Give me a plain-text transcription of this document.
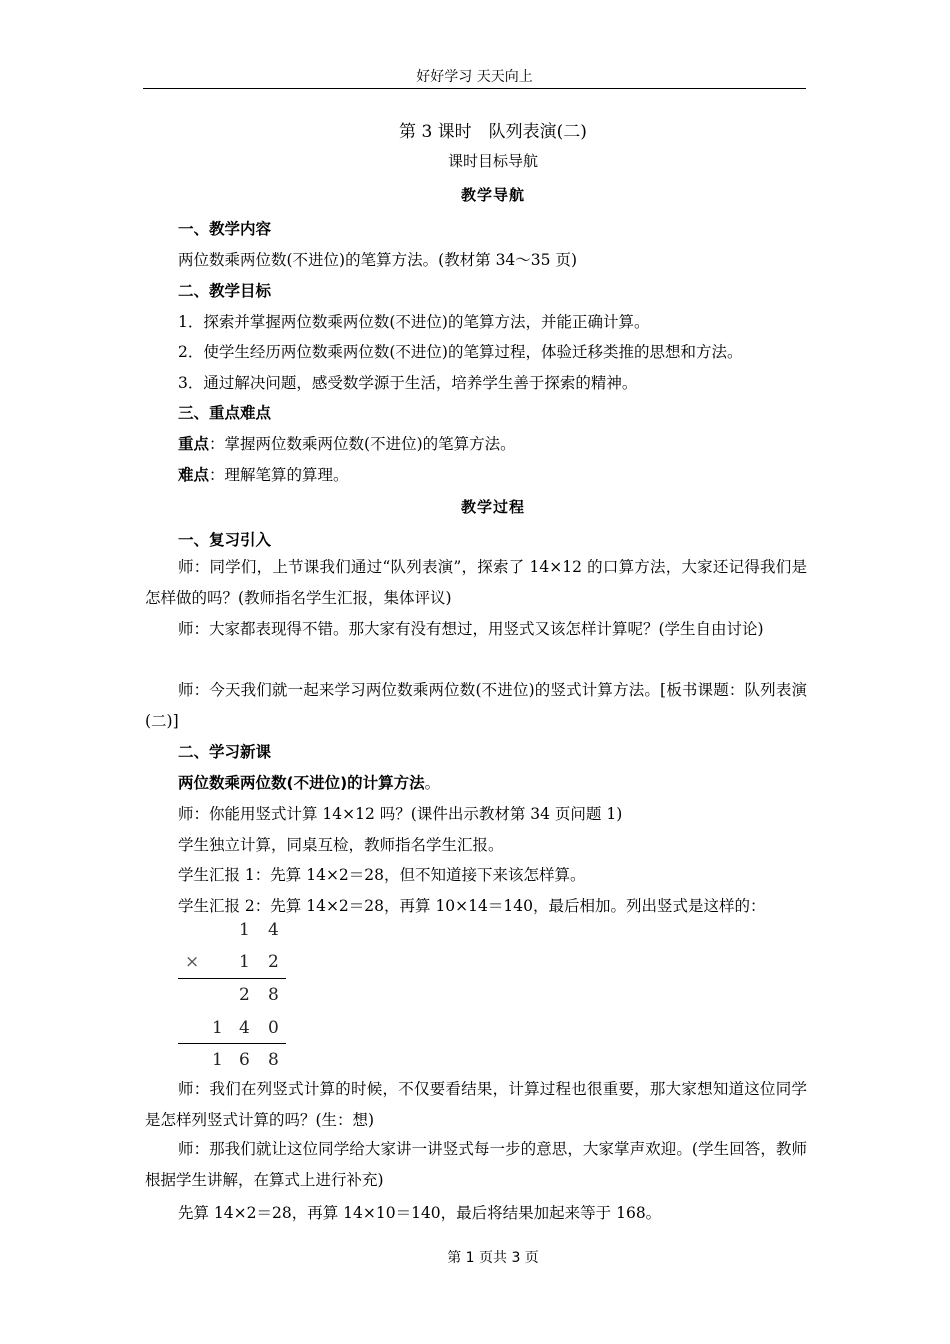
好好学习 天天向上
第 3 课时　队列表演(二)
课时目标导航
教学导航
一、教学内容
两位数乘两位数(不进位)的笔算方法。(教材第 34～35 页)
二、教学目标
1．探索并掌握两位数乘两位数(不进位)的笔算方法，并能正确计算。
2．使学生经历两位数乘两位数(不进位)的笔算过程，体验迁移类推的思想和方法。
3．通过解决问题，感受数学源于生活，培养学生善于探索的精神。
三、重点难点
重点：掌握两位数乘两位数(不进位)的笔算方法。
难点：理解笔算的算理。
教学过程
一、复习引入
师：同学们，上节课我们通过“队列表演”，探索了 14×12 的口算方法，大家还记得我们是怎样做的吗？(教师指名学生汇报，集体评议)
师：大家都表现得不错。那大家有没有想过，用竖式又该怎样计算呢？(学生自由讨论)
师：今天我们就一起来学习两位数乘两位数(不进位)的竖式计算方法。[板书课题：队列表演(二)]
二、学习新课
两位数乘两位数(不进位)的计算方法。
师：你能用竖式计算 14×12 吗？(课件出示教材第 34 页问题 1)
学生独立计算，同桌互检，教师指名学生汇报。
学生汇报 1：先算 14×2＝28，但不知道接下来该怎样算。
学生汇报 2：先算 14×2＝28，再算 10×14＝140，最后相加。列出竖式是这样的：
1 4
× 1 2
2 8
1 4 0
1 6 8
师：我们在列竖式计算的时候，不仅要看结果，计算过程也很重要，那大家想知道这位同学是怎样列竖式计算的吗？(生：想)
师：那我们就让这位同学给大家讲一讲竖式每一步的意思，大家掌声欢迎。(学生回答，教师根据学生讲解，在算式上进行补充)
先算 14×2＝28，再算 14×10＝140，最后将结果加起来等于 168。
第 1 页共 3 页
